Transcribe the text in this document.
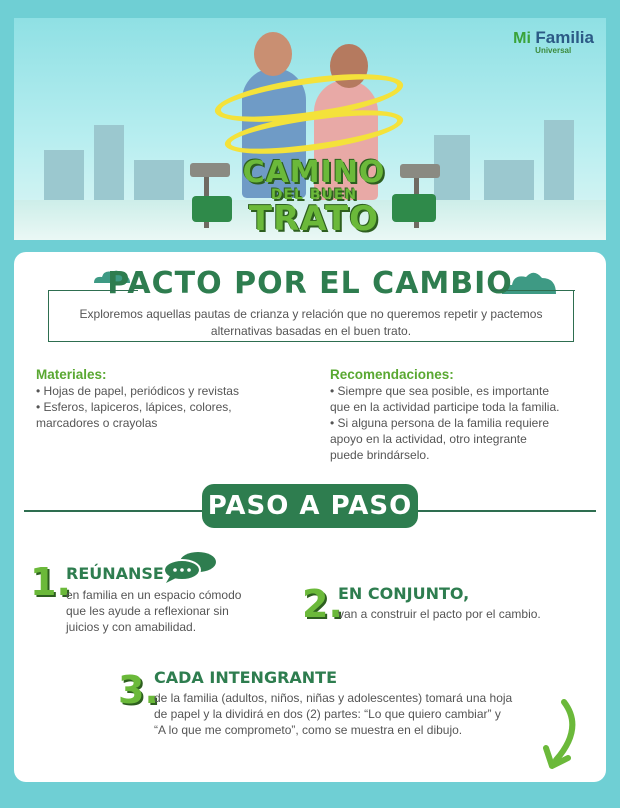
CAMINO
DEL BUEN
TRATO
Mi Familia
Universal
PACTO POR EL CAMBIO
Exploremos aquellas pautas de crianza y relación que no queremos repetir y pactemos alternativas basadas en el buen trato.
Materiales:
• Hojas de papel, periódicos y revistas
• Esferos, lapiceros, lápices, colores,
marcadores o crayolas
Recomendaciones:
• Siempre que sea posible, es importante
que en la actividad participe toda la familia.
• Si alguna persona de la familia requiere
apoyo en la actividad, otro integrante
puede brindárselo.
PASO A PASO
1.
REÚNANSE
en familia en un espacio cómodo
que les ayude a reflexionar sin
juicios y con amabilidad.
2.
EN CONJUNTO,
van a construir el pacto por el cambio.
3.
CADA INTENGRANTE
de la familia (adultos, niños, niñas y adolescentes) tomará una hoja
de papel y la dividirá en dos (2) partes: “Lo que quiero cambiar” y
“A lo que me comprometo”, como se muestra en el dibujo.
